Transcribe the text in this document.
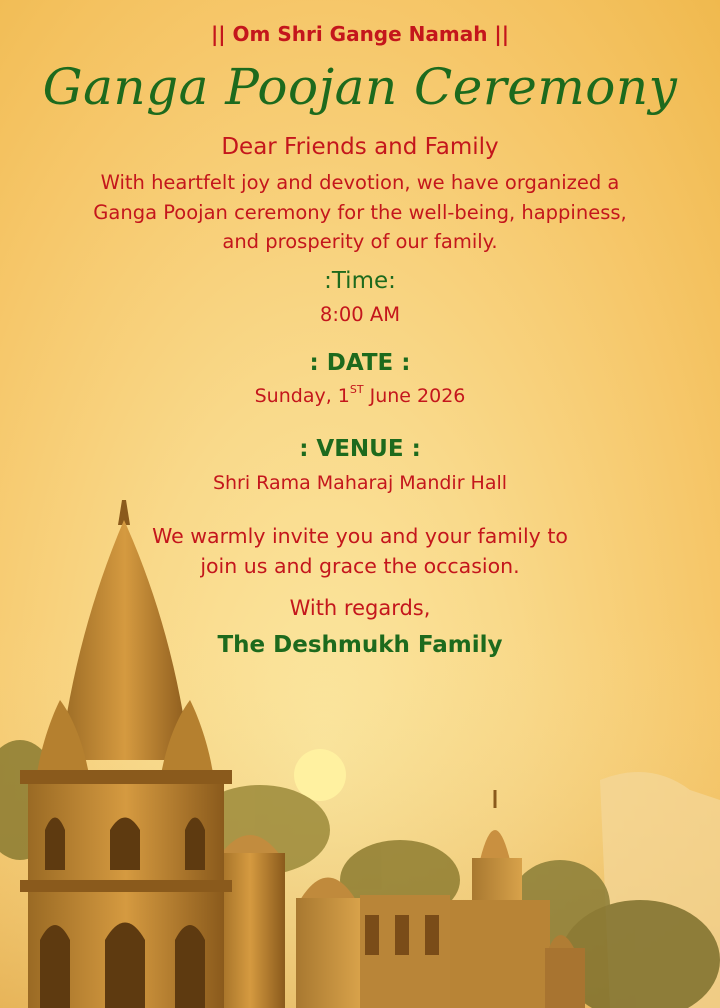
|| Om Shri Gange Namah ||
Ganga Poojan Ceremony
Dear Friends and Family
With heartfelt joy and devotion, we have organized a
Ganga Poojan ceremony for the well-being, happiness,
and prosperity of our family.
:Time:
8:00 AM
: DATE :
Sunday, 1ST June 2026
: VENUE :
Shri Rama Maharaj Mandir Hall
We warmly invite you and your family to
join us and grace the occasion.
With regards,
The Deshmukh Family
